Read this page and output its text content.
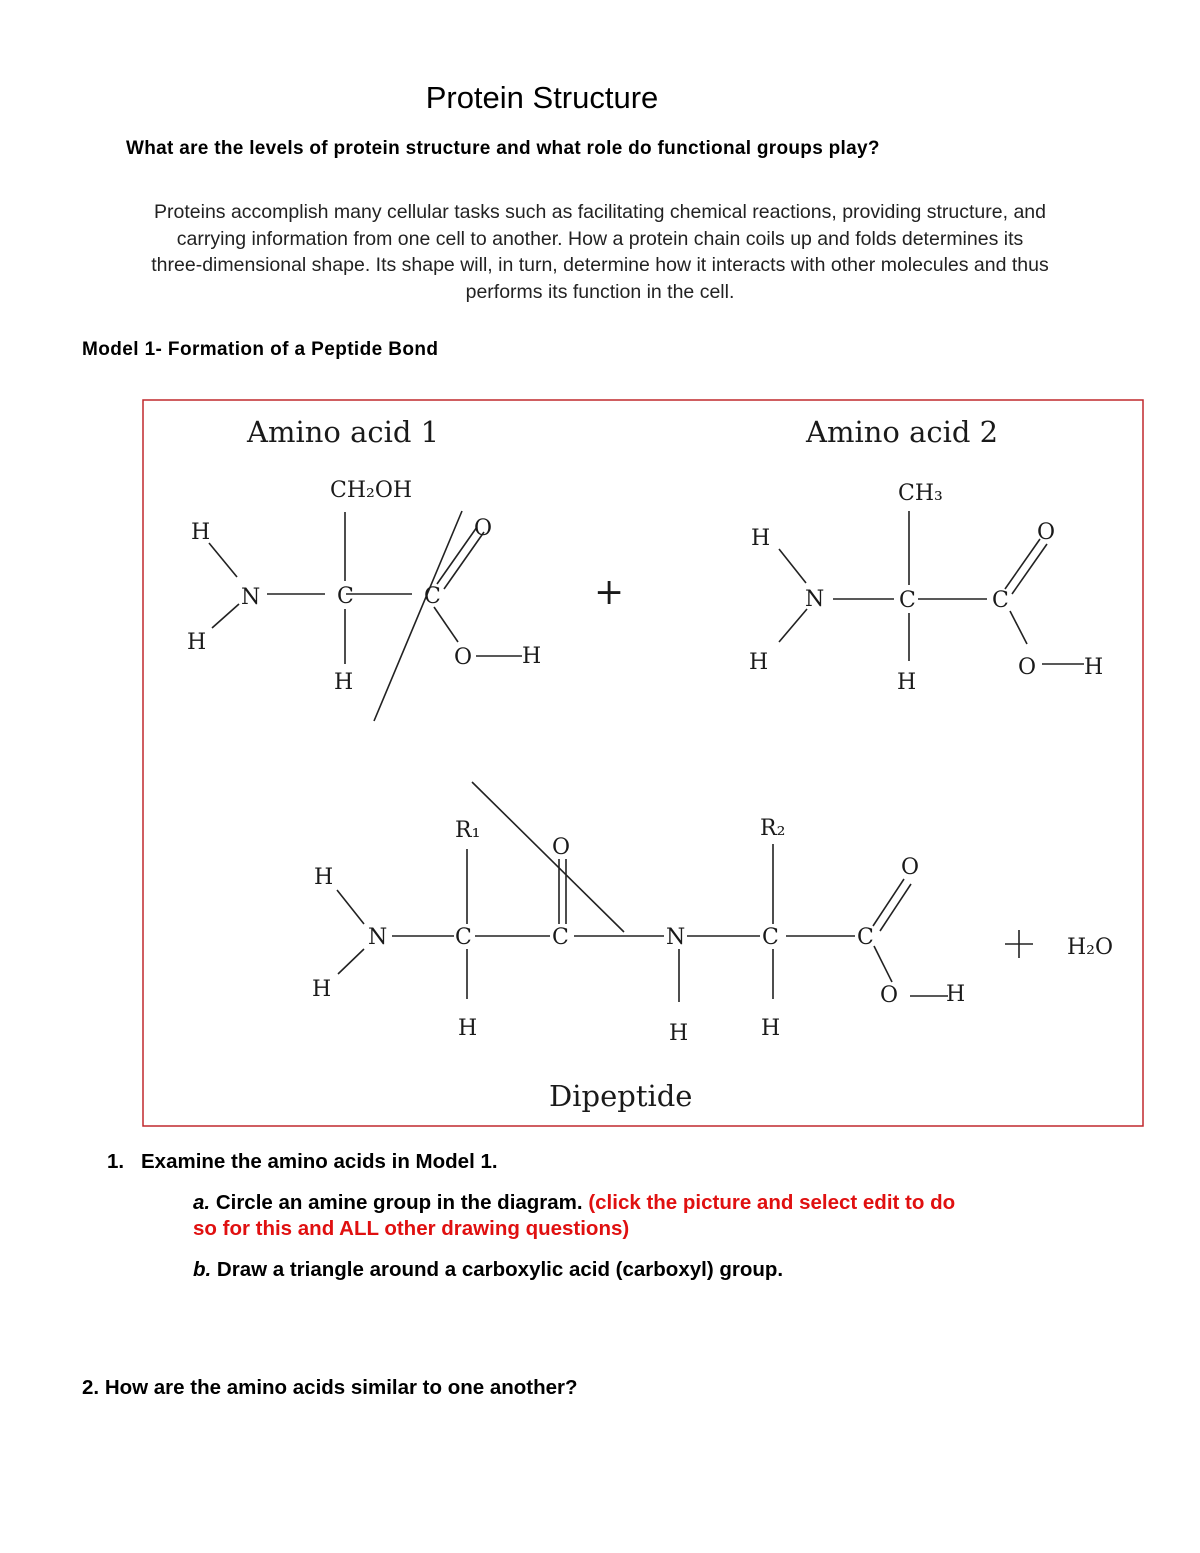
Protein Structure
What are the levels of protein structure and what role do functional groups play?
Proteins accomplish many cellular tasks such as facilitating chemical reactions, providing structure, and
carrying information from one cell to another. How a protein chain coils up and folds determines its
three-dimensional shape. Its shape will, in turn, determine how it interacts with other molecules and thus
performs its function in the cell.
Model 1- Formation of a Peptide Bond
Amino acid 1
CH₂OH
H
N
H
C
H
C
O
O H
+
Amino acid 2
CH₃
H
N
H
C
H
C
O
O H
R₁	R₂
O
O
H
N
H
C	C	N	C	C
H	H	H
O H
H₂O
Dipeptide
1. Examine the amino acids in Model 1.
a. Circle an amine group in the diagram. (click the picture and select edit to do
so for this and ALL other drawing questions)
b. Draw a triangle around a carboxylic acid (carboxyl) group.
2. How are the amino acids similar to one another?
